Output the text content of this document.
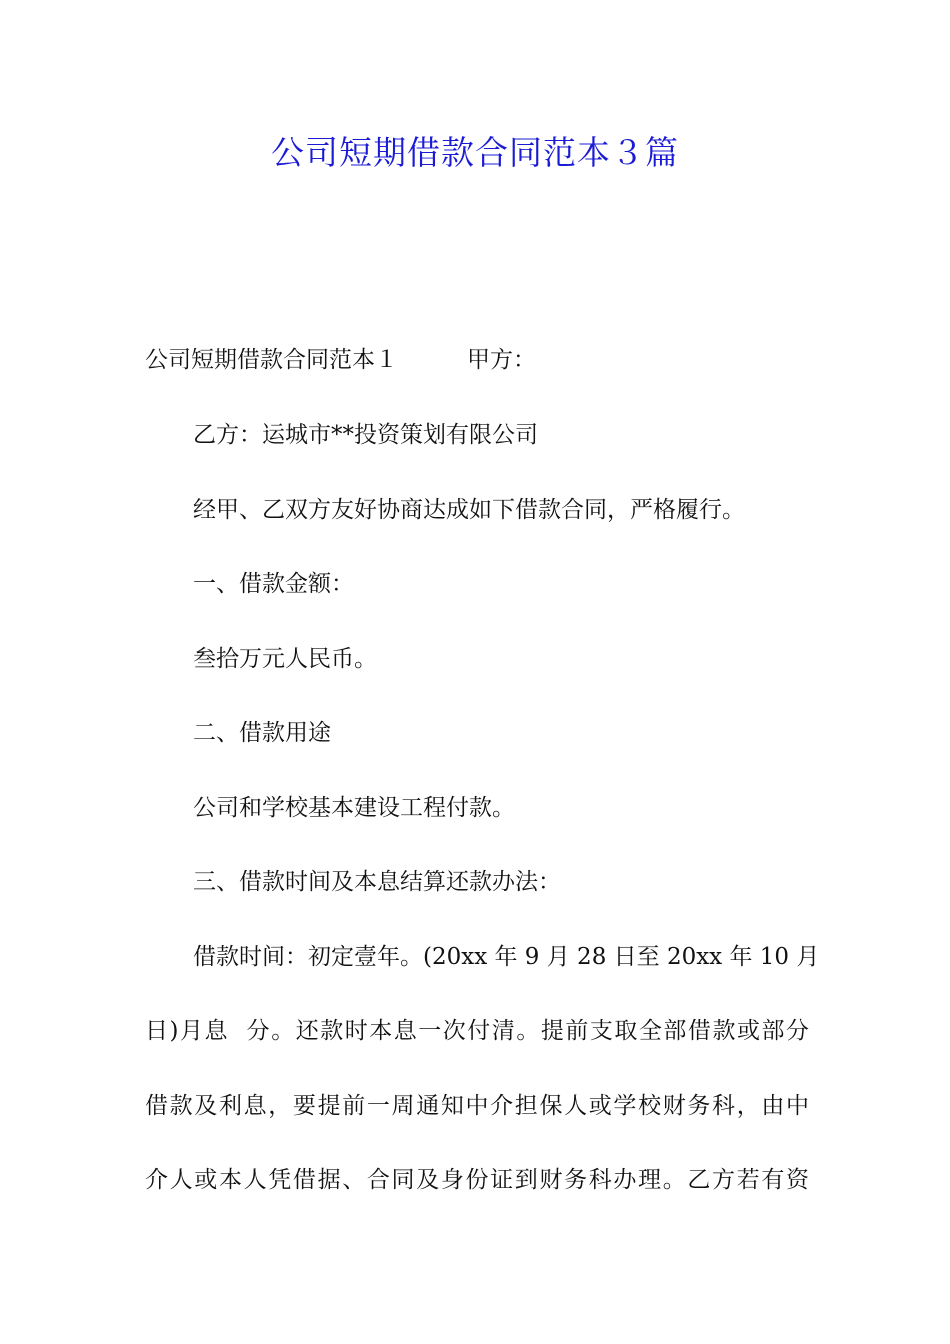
公司短期借款合同范本３篇

公司短期借款合同范本１　　　甲方：

乙方：运城市**投资策划有限公司

经甲、乙双方友好协商达成如下借款合同，严格履行。

一、借款金额：

叁拾万元人民币。

二、借款用途

公司和学校基本建设工程付款。

三、借款时间及本息结算还款办法：

借款时间：初定壹年。(20xx 年 9 月 28 日至 20xx 年 10 月

日)月息  分。还款时本息一次付清。提前支取全部借款或部分

借款及利息，要提前一周通知中介担保人或学校财务科，由中

介人或本人凭借据、合同及身份证到财务科办理。乙方若有资
